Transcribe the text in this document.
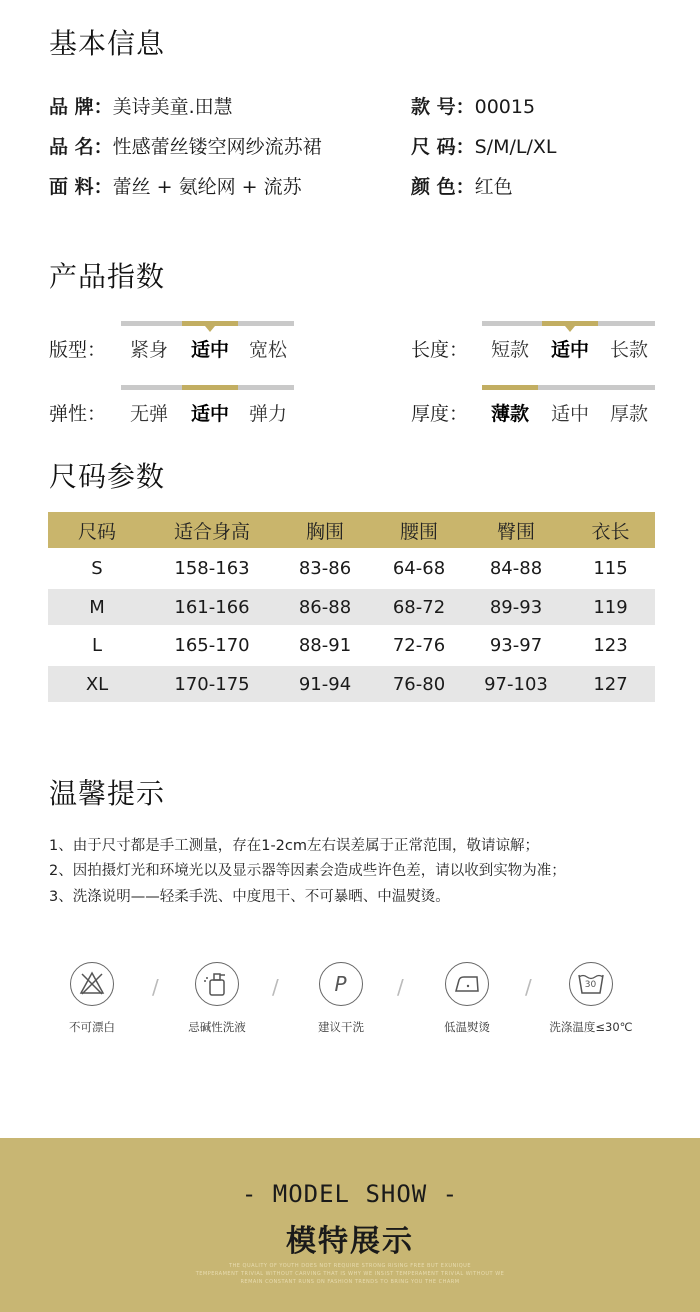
基本信息
品 牌：美诗美童.田慧	款 号：00015
品 名：性感蕾丝镂空网纱流苏裙	尺 码：S/M/L/XL
面 料：蕾丝 + 氨纶网 + 流苏	颜 色：红色
产品指数
版型：	紧身	适中	宽松	长度：	短款	适中	长款
弹性：	无弹	适中	弹力	厚度：	薄款	适中	厚款
尺码参数
尺码	适合身高	胸围	腰围	臀围	衣长
S	158-163	83-86	64-68	84-88	115
M	161-166	86-88	68-72	89-93	119
L	165-170	88-91	72-76	93-97	123
XL	170-175	91-94	76-80	97-103	127
温馨提示
1、由于尺寸都是手工测量，存在1-2cm左右误差属于正常范围，敬请谅解；
2、因拍摄灯光和环境光以及显示器等因素会造成些许色差，请以收到实物为准；
3、洗涤说明——轻柔手洗、中度甩干、不可暴晒、中温熨烫。
不可漂白
/
忌碱性洗液
/	P
建议干洗
/
低温熨烫
/	30
洗涤温度≤30℃
- MODEL SHOW -
模特展示
THE QUALITY OF YOUTH DOES NOT REQUIRE STRONG RISING FREE BUT EXUNIQUE
TEMPERAMENT TRIVIAL WITHOUT CARVING THAT IS WHY WE INSIST TEMPERAMENT TRIVIAL WITHOUT WE
REMAIN CONSTANT RUNS ON FASHION TRENDS TO BRING YOU THE CHARM
